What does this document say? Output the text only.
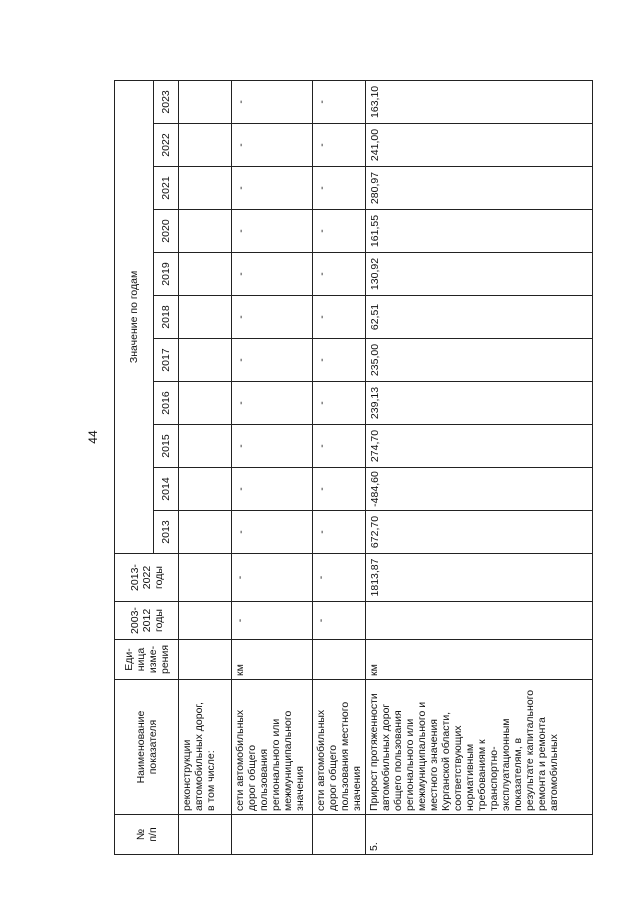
44
№
п/п	Наименование показателя	Еди-
ница
изме-
рения	2003-
2012
годы	2013-
2022
годы	Значение по годам										
					2013	2014	2015	2016	2017	2018	2019	2020	2021	2022	2023
	реконструкции автомобильных дорог,
в том числе:														
	сети автомобильных дорог общего пользования регионального или межмуниципального значения	км	-	-	-	-	-	-	-	-	-	-	-	-	-
	сети автомобильных дорог общего пользования местного значения		-	-	-	-	-	-	-	-	-	-	-	-	-
5.	Прирост протяженности автомобильных дорог общего пользования регионального или межмуниципального и местного значения Курганской области, соответствующих нормативным требованиям к транспортно-эксплуатационным показателям, в результате капитального ремонта и ремонта автомобильных	км		1813,87	672,70	-484,60	274,70	239,13	235,00	62,51	130,92	161,55	280,97	241,00	163,10
